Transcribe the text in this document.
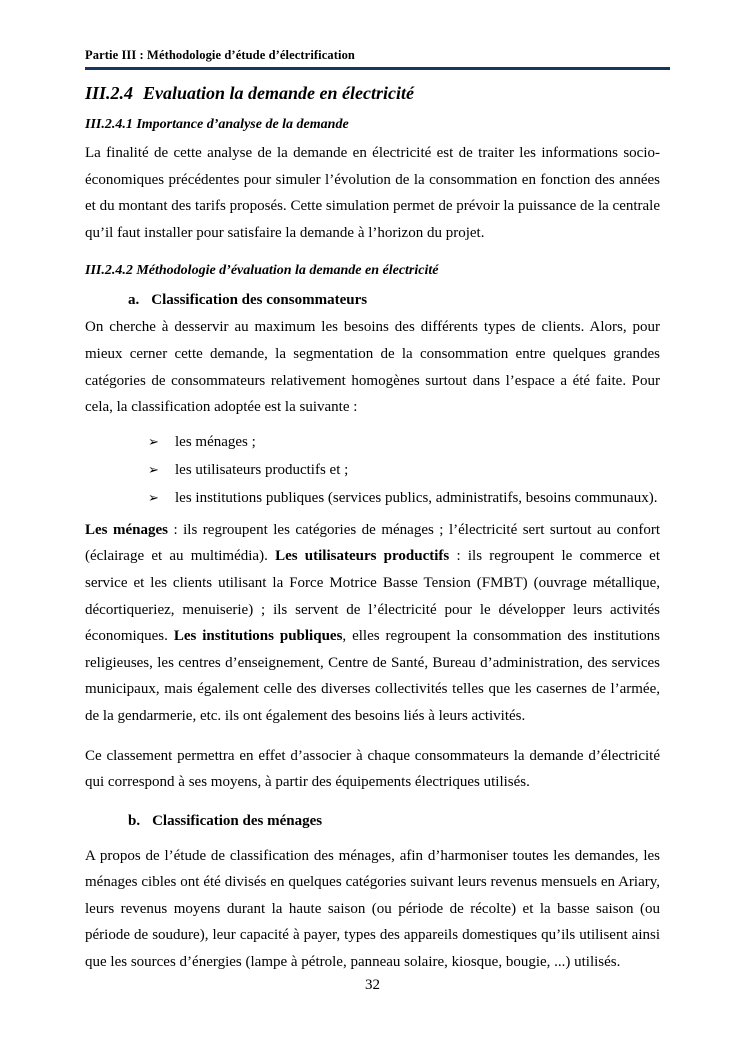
Partie III : Méthodologie d’étude d’électrification
III.2.4 Evaluation la demande en électricité
III.2.4.1 Importance d’analyse de la demande

La finalité de cette analyse de la demande en électricité est de traiter les informations socio-économiques précédentes pour simuler l’évolution de la consommation en fonction des années et du montant des tarifs proposés. Cette simulation permet de prévoir la puissance de la centrale qu’il faut installer pour satisfaire la demande à l’horizon du projet.

III.2.4.2 Méthodologie d’évaluation la demande en électricité
a. Classification des consommateurs

On cherche à desservir au maximum les besoins des différents types de clients. Alors, pour mieux cerner cette demande, la segmentation de la consommation entre quelques grandes catégories de consommateurs relativement homogènes surtout dans l’espace a été faite. Pour cela, la classification adoptée est la suivante :

➢ les ménages ;
➢ les utilisateurs productifs et ;
➢ les institutions publiques (services publics, administratifs, besoins communaux).

Les ménages : ils regroupent les catégories de ménages ; l’électricité sert surtout au confort (éclairage et au multimédia). Les utilisateurs productifs : ils regroupent le commerce et service et les clients utilisant la Force Motrice Basse Tension (FMBT) (ouvrage métallique, décortiqueriez, menuiserie) ; ils servent de l’électricité pour le développer leurs activités économiques. Les institutions publiques, elles regroupent la consommation des institutions religieuses, les centres d’enseignement, Centre de Santé, Bureau d’administration, des services municipaux, mais également celle des diverses collectivités telles que les casernes de l’armée, de la gendarmerie, etc. ils ont également des besoins liés à leurs activités.

Ce classement permettra en effet d’associer à chaque consommateurs la demande d’électricité qui correspond à ses moyens, à partir des équipements électriques utilisés.

b. Classification des ménages

A propos de l’étude de classification des ménages, afin d’harmoniser toutes les demandes, les ménages cibles ont été divisés en quelques catégories suivant leurs revenus mensuels en Ariary, leurs revenus moyens durant la haute saison (ou période de récolte) et la basse saison (ou période de soudure), leur capacité à payer, types des appareils domestiques qu’ils utilisent ainsi que les sources d’énergies (lampe à pétrole, panneau solaire, kiosque, bougie, ...) utilisés.

32
